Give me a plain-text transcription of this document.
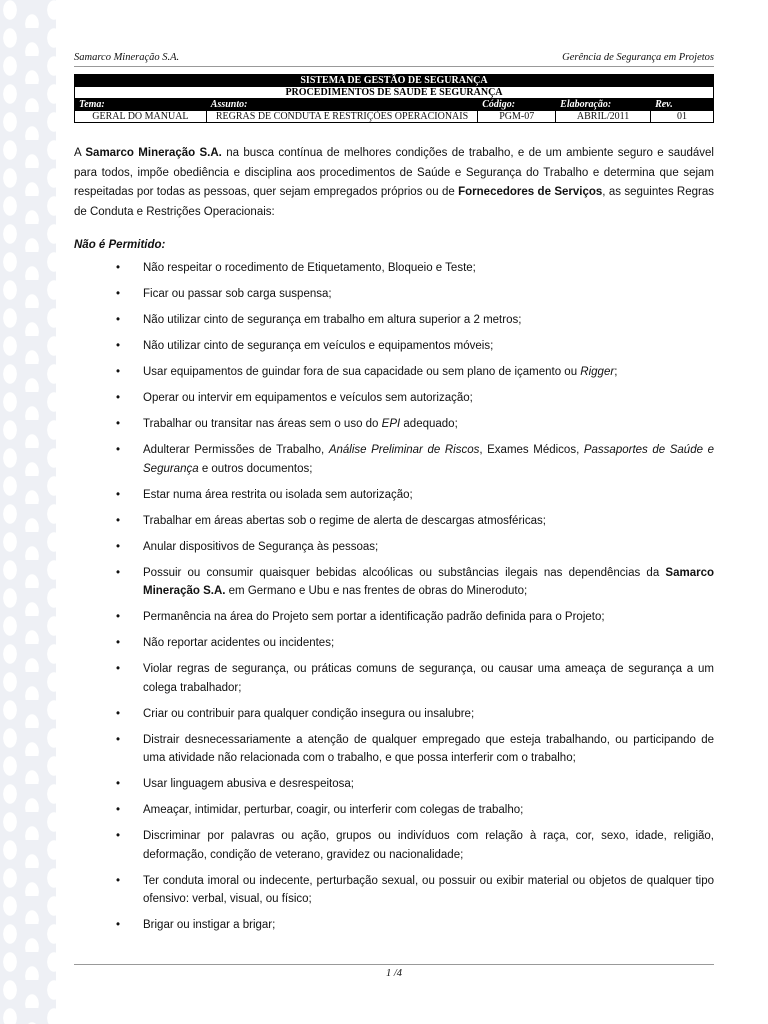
Samarco Mineração S.A.	Gerência de Segurança em Projetos
SISTEMA DE GESTÃO DE SEGURANÇA				
PROCEDIMENTOS DE SAÚDE E SEGURANÇA				
Tema:	Assunto:	Código:	Elaboração:	Rev.
GERAL DO MANUAL	REGRAS DE CONDUTA E RESTRIÇÕES OPERACIONAIS	PGM-07	ABRIL/2011	01

A Samarco Mineração S.A. na busca contínua de melhores condições de trabalho, e de um ambiente seguro e saudável para todos, impõe obediência e disciplina aos procedimentos de Saúde e Segurança do Trabalho e determina que sejam respeitadas por todas as pessoas, quer sejam empregados próprios ou de Fornecedores de Serviços, as seguintes Regras de Conduta e Restrições Operacionais:

Não é Permitido:
• Não respeitar o rocedimento de Etiquetamento, Bloqueio e Teste;
• Ficar ou passar sob carga suspensa;
• Não utilizar cinto de segurança em trabalho em altura superior a 2 metros;
• Não utilizar cinto de segurança em veículos e equipamentos móveis;
• Usar equipamentos de guindar fora de sua capacidade ou sem plano de içamento ou Rigger;
• Operar ou intervir em equipamentos e veículos sem autorização;
• Trabalhar ou transitar nas áreas sem o uso do EPI adequado;
• Adulterar Permissões de Trabalho, Análise Preliminar de Riscos, Exames Médicos, Passaportes de Saúde e Segurança e outros documentos;
• Estar numa área restrita ou isolada sem autorização;
• Trabalhar em áreas abertas sob o regime de alerta de descargas atmosféricas;
• Anular dispositivos de Segurança às pessoas;
• Possuir ou consumir quaisquer bebidas alcoólicas ou substâncias ilegais nas dependências da Samarco Mineração S.A. em Germano e Ubu e nas frentes de obras do Mineroduto;
• Permanência na área do Projeto sem portar a identificação padrão definida para o Projeto;
• Não reportar acidentes ou incidentes;
• Violar regras de segurança, ou práticas comuns de segurança, ou causar uma ameaça de segurança a um colega trabalhador;
• Criar ou contribuir para qualquer condição insegura ou insalubre;
• Distrair desnecessariamente a atenção de qualquer empregado que esteja trabalhando, ou participando de uma atividade não relacionada com o trabalho, e que possa interferir com o trabalho;
• Usar linguagem abusiva e desrespeitosa;
• Ameaçar, intimidar, perturbar, coagir, ou interferir com colegas de trabalho;
• Discriminar por palavras ou ação, grupos ou indivíduos com relação à raça, cor, sexo, idade, religião, deformação, condição de veterano, gravidez ou nacionalidade;
• Ter conduta imoral ou indecente, perturbação sexual, ou possuir ou exibir material ou objetos de qualquer tipo ofensivo: verbal, visual, ou físico;
• Brigar ou instigar a brigar;
1 /4
